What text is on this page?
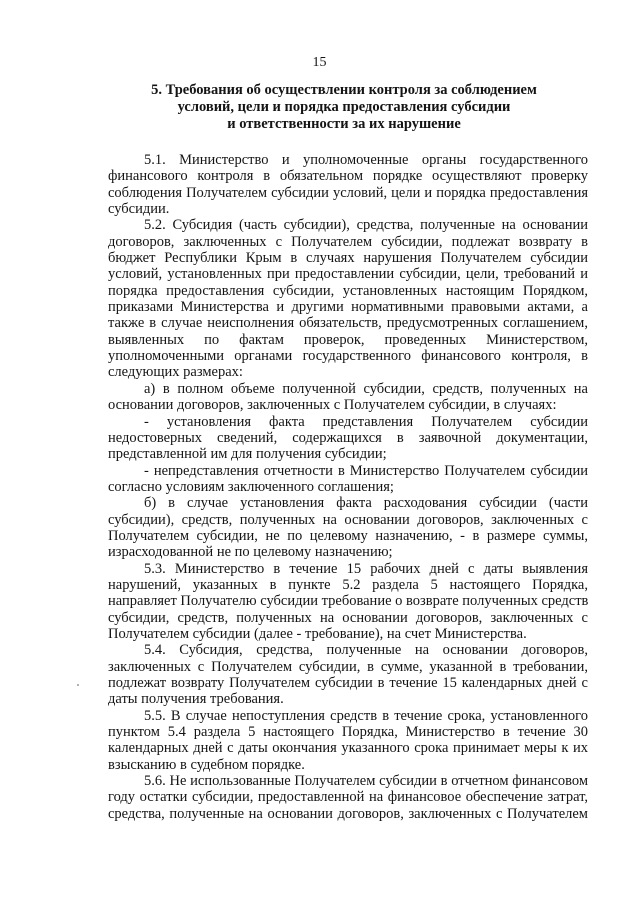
15
5. Требования об осуществлении контроля за соблюдением
условий, цели и порядка предоставления субсидии
и ответственности за их нарушение
5.1. Министерство и уполномоченные органы государственного
финансового контроля в обязательном порядке осуществляют проверку
соблюдения Получателем субсидии условий, цели и порядка предоставления
субсидии.
5.2. Субсидия (часть субсидии), средства, полученные на основании
договоров, заключенных с Получателем субсидии, подлежат возврату в
бюджет Республики Крым в случаях нарушения Получателем субсидии
условий, установленных при предоставлении субсидии, цели, требований и
порядка предоставления субсидии, установленных настоящим Порядком,
приказами Министерства и другими нормативными правовыми актами, а
также в случае неисполнения обязательств, предусмотренных соглашением,
выявленных по фактам проверок, проведенных Министерством,
уполномоченными органами государственного финансового контроля, в
следующих размерах:
а) в полном объеме полученной субсидии, средств, полученных на
основании договоров, заключенных с Получателем субсидии, в случаях:
- установления факта представления Получателем субсидии
недостоверных сведений, содержащихся в заявочной документации,
представленной им для получения субсидии;
- непредставления отчетности в Министерство Получателем субсидии
согласно условиям заключенного соглашения;
б) в случае установления факта расходования субсидии (части
субсидии), средств, полученных на основании договоров, заключенных с
Получателем субсидии, не по целевому назначению, - в размере суммы,
израсходованной не по целевому назначению;
5.3. Министерство в течение 15 рабочих дней с даты выявления
нарушений, указанных в пункте 5.2 раздела 5 настоящего Порядка,
направляет Получателю субсидии требование о возврате полученных средств
субсидии, средств, полученных на основании договоров, заключенных с
Получателем субсидии (далее - требование), на счет Министерства.
5.4. Субсидия, средства, полученные на основании договоров,
заключенных с Получателем субсидии, в сумме, указанной в требовании,
подлежат возврату Получателем субсидии в течение 15 календарных дней с
даты получения требования.
5.5. В случае непоступления средств в течение срока, установленного
пунктом 5.4 раздела 5 настоящего Порядка, Министерство в течение 30
календарных дней с даты окончания указанного срока принимает меры к их
взысканию в судебном порядке.
5.6. Не использованные Получателем субсидии в отчетном финансовом
году остатки субсидии, предоставленной на финансовое обеспечение затрат,
средства, полученные на основании договоров, заключенных с Получателем
